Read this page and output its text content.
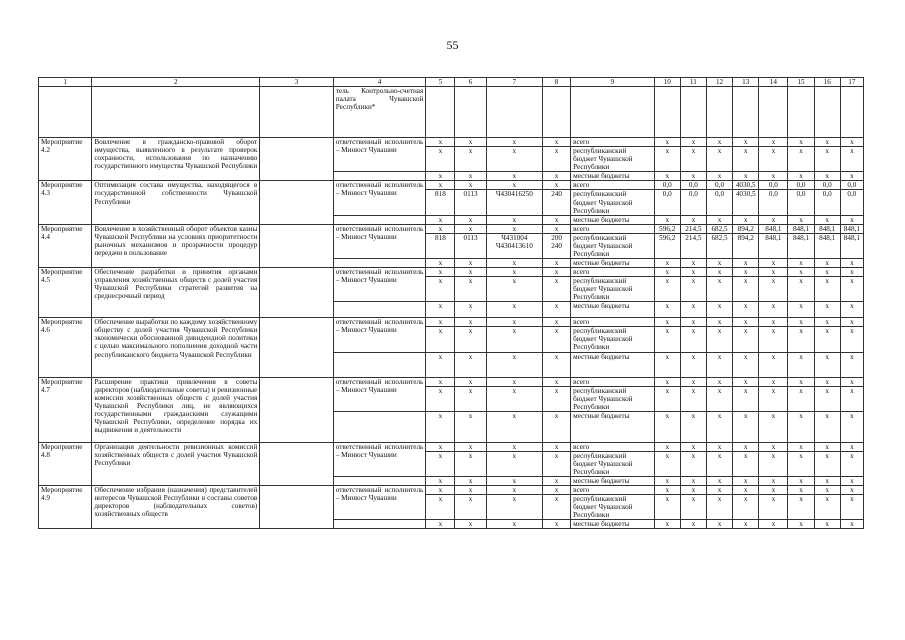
55
1	2	3	4	5	6	7	8	9	10	11	12	13	14	15	16	17
			тель Контрольно-счетная палата Чувашской Республики*													
Мероприятие 4.2	Вовлечение в гражданско-правовой оборот имущества, выявленного в результате проверок сохранности, использования по назначению государственного имущества Чувашской Республики		ответственный исполнитель – Минюст Чувашии	x	x	x	x	всего	x	x	x	x	x	x	x	x
				x	x	x	x	республиканский бюджет Чувашской Республики	x	x	x	x	x	x	x	x
				x	x	x	x	местные бюджеты	x	x	x	x	x	x	x	x
Мероприятие 4.3	Оптимизация состава имущества, находящегося в государственной собственности Чувашской Республики		ответственный исполнитель – Минюст Чувашии	x	x	x	x	всего	0,0	0,0	0,0	4030,5	0,0	0,0	0,0	0,0
				818	0113	Ч430416250	240	республиканский бюджет Чувашской Республики	0,0	0,0	0,0	4030,5	0,0	0,0	0,0	0,0
				x	x	x	x	местные бюджеты	x	x	x	x	x	x	x	x
Мероприятие 4.4	Вовлечение в хозяйственный оборот объектов казны Чувашской Республики на условиях приоритетности рыночных механизмов и прозрачности процедур передачи в пользование		ответственный исполнитель – Минюст Чувашии	x	x	x	x	всего	596,2	214,5	682,5	894,2	848,1	848,1	848,1	848,1
				818	0113	Ч431004 Ч430413610	200 240	республиканский бюджет Чувашской Республики	596,2	214,5	682,5	894,2	848,1	848,1	848,1	848,1
				x	x	x	x	местные бюджеты	x	x	x	x	x	x	x	x
Мероприятие 4.5	Обеспечение разработки и принятия органами управления хозяйственных обществ с долей участия Чувашской Республики стратегий развития на среднесрочный период		ответственный исполнитель – Минюст Чувашии	x	x	x	x	всего	x	x	x	x	x	x	x	x
				x	x	x	x	республиканский бюджет Чувашской Республики	x	x	x	x	x	x	x	x
				x	x	x	x	местные бюджеты	x	x	x	x	x	x	x	x
Мероприятие 4.6	Обеспечение выработки по каждому хозяйственному обществу с долей участия Чувашской Республики экономически обоснованной дивидендной политики с целью максимального пополнения доходной части республиканского бюджета Чувашской Республики		ответственный исполнитель – Минюст Чувашии	x	x	x	x	всего	x	x	x	x	x	x	x	x
				x	x	x	x	республиканский бюджет Чувашской Республики	x	x	x	x	x	x	x	x
				x	x	x	x	местные бюджеты	x	x	x	x	x	x	x	x
Мероприятие 4.7	Расширение практики привлечения в советы директоров (наблюдательные советы) и ревизионные комиссии хозяйственных обществ с долей участия Чувашской Республики лиц, не являющихся государственными гражданскими служащими Чувашской Республики, определение порядка их выдвижения и деятельности		ответственный исполнитель – Минюст Чувашии	x	x	x	x	всего	x	x	x	x	x	x	x	x
				x	x	x	x	республиканский бюджет Чувашской Республики	x	x	x	x	x	x	x	x
				x	x	x	x	местные бюджеты	x	x	x	x	x	x	x	x
Мероприятие 4.8	Организация деятельности ревизионных комиссий хозяйственных обществ с долей участия Чувашской Республики		ответственный исполнитель – Минюст Чувашии	x	x	x	x	всего	x	x	x	x	x	x	x	x
				x	x	x	x	республиканский бюджет Чувашской Республики	x	x	x	x	x	x	x	x
				x	x	x	x	местные бюджеты	x	x	x	x	x	x	x	x
Мероприятие 4.9	Обеспечение избрания (назначения) представителей интересов Чувашской Республики в составы советов директоров (наблюдательных советов) хозяйственных обществ		ответственный исполнитель – Минюст Чувашии	x	x	x	x	всего	x	x	x	x	x	x	x	x
				x	x	x	x	республиканский бюджет Чувашской Республики	x	x	x	x	x	x	x	x
				x	x	x	x	местные бюджеты	x	x	x	x	x	x	x	x
